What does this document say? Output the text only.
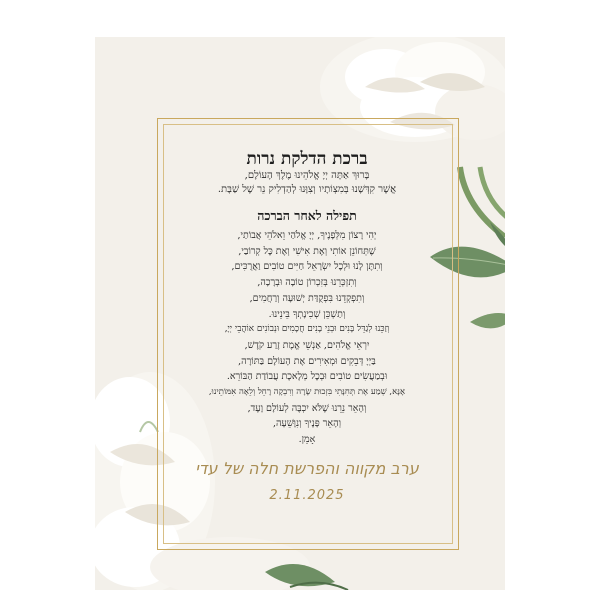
ברכת הדלקת נרות
בָּרוּךְ אַתָּה יְיָ אֱלֹהֵינוּ מֶלֶךְ הָעוֹלָם,
אֲשֶׁר קִדְּשָׁנוּ בְּמִצְוֹתָיו וְצִוָּנוּ לְהַדְלִיק נֵר שֶׁל שַׁבָּת.
תפילה לאחר הברכה
יְהִי רָצוֹן מִלְּפָנֶיךָ, יְיָ אֱלֹהַי וֵאלֹהֵי אֲבוֹתַי,
שֶׁתְּחוֹנֵן אוֹתִי וְאֶת אִישִׁי וְאֶת כׇּל קְרוֹבַי,
וְתִתֶּן לָנוּ וּלְכׇל יִשְׂרָאֵל חַיִּים טוֹבִים וַאֲרֻכִּים,
וְתִזְכְּרֵנוּ בְּזִכְרוֹן טוֹבָה וּבְרָכָה,
וְתִפְקְדֵנוּ בִּפְקֻדַּת יְשׁוּעָה וְרַחֲמִים,
וְתַשְׁכֵּן שְׁכִינָתְךָ בֵּינֵינוּ.
וְזַכֵּנוּ לְגַדֵּל בָּנִים וּבְנֵי בָנִים חֲכָמִים וּנְבוֹנִים אוֹהֲבֵי יְיָ,
יִרְאֵי אֱלֹהִים, אַנְשֵׁי אֱמֶת זֶרַע קֹדֶשׁ,
בַּיְיָ דְּבֵקִים וּמְאִירִים אֶת הָעוֹלָם בַּתּוֹרָה,
וּבְמַעֲשִׂים טוֹבִים וּבְכׇל מְלֶאכֶת עֲבוֹדַת הַבּוֹרֵא.
אָנָּא, שְׁמַע אֶת תְּחִנָּתִי בִּזְכוּת שָׂרָה וְרִבְקָה רָחֵל וְלֵאָה אִמּוֹתֵינוּ,
וְהָאֵר נֵרֵנוּ שֶׁלֹּא יִכְבֶּה לְעוֹלָם וָעֶד,
וְהָאֵר פָּנֶיךָ וְנִוָּשֵׁעָה,
אָמֵן.
ערב מקווה והפרשת חלה של עדי
2.11.2025
